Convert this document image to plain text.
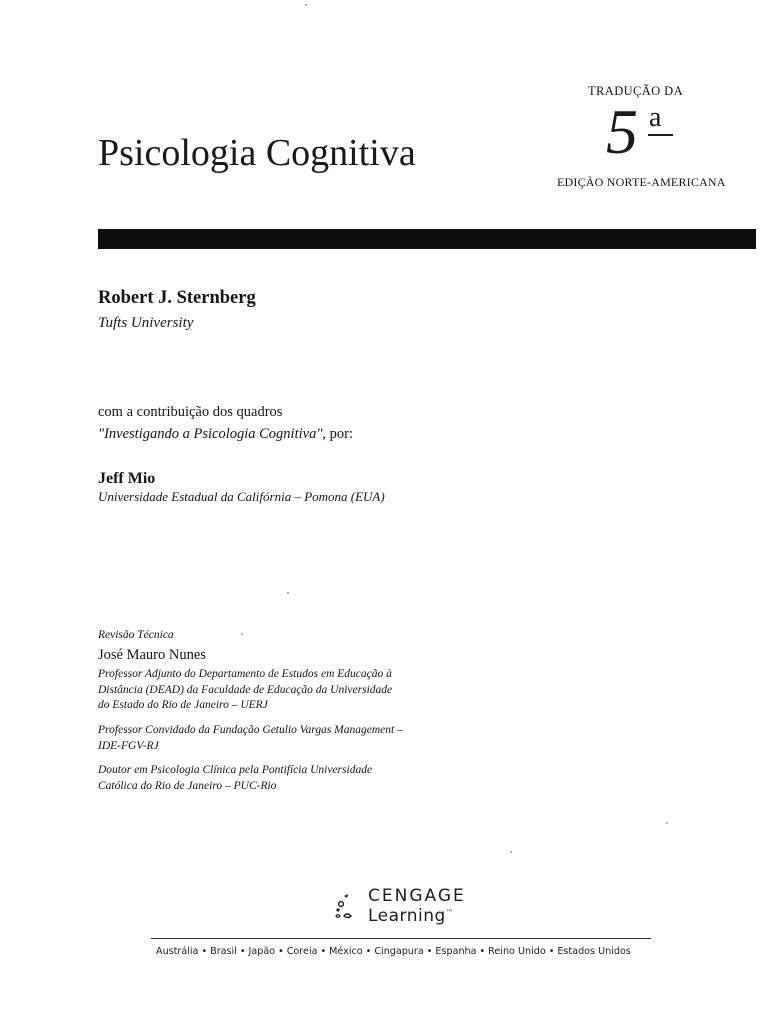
TRADUÇÃO DA
5 a
EDIÇÃO NORTE-AMERICANA
Psicologia Cognitiva
Robert J. Sternberg
Tufts University
com a contribuição dos quadros
"Investigando a Psicologia Cognitiva", por:
Jeff Mio
Universidade Estadual da Califórnia – Pomona (EUA)
Revisão Técnica
José Mauro Nunes
Professor Adjunto do Departamento de Estudos em Educação à
Distância (DEAD) da Faculdade de Educação da Universidade
do Estado do Rio de Janeiro – UERJ
Professor Convidado da Fundação Getulio Vargas Management –
IDE-FGV-RJ
Doutor em Psicologia Clínica pela Pontifícia Universidade
Católica do Rio de Janeiro – PUC-Rio
CENGAGE
Learning™
Austrália • Brasil • Japão • Coreia • México • Cingapura • Espanha • Reino Unido • Estados Unidos
